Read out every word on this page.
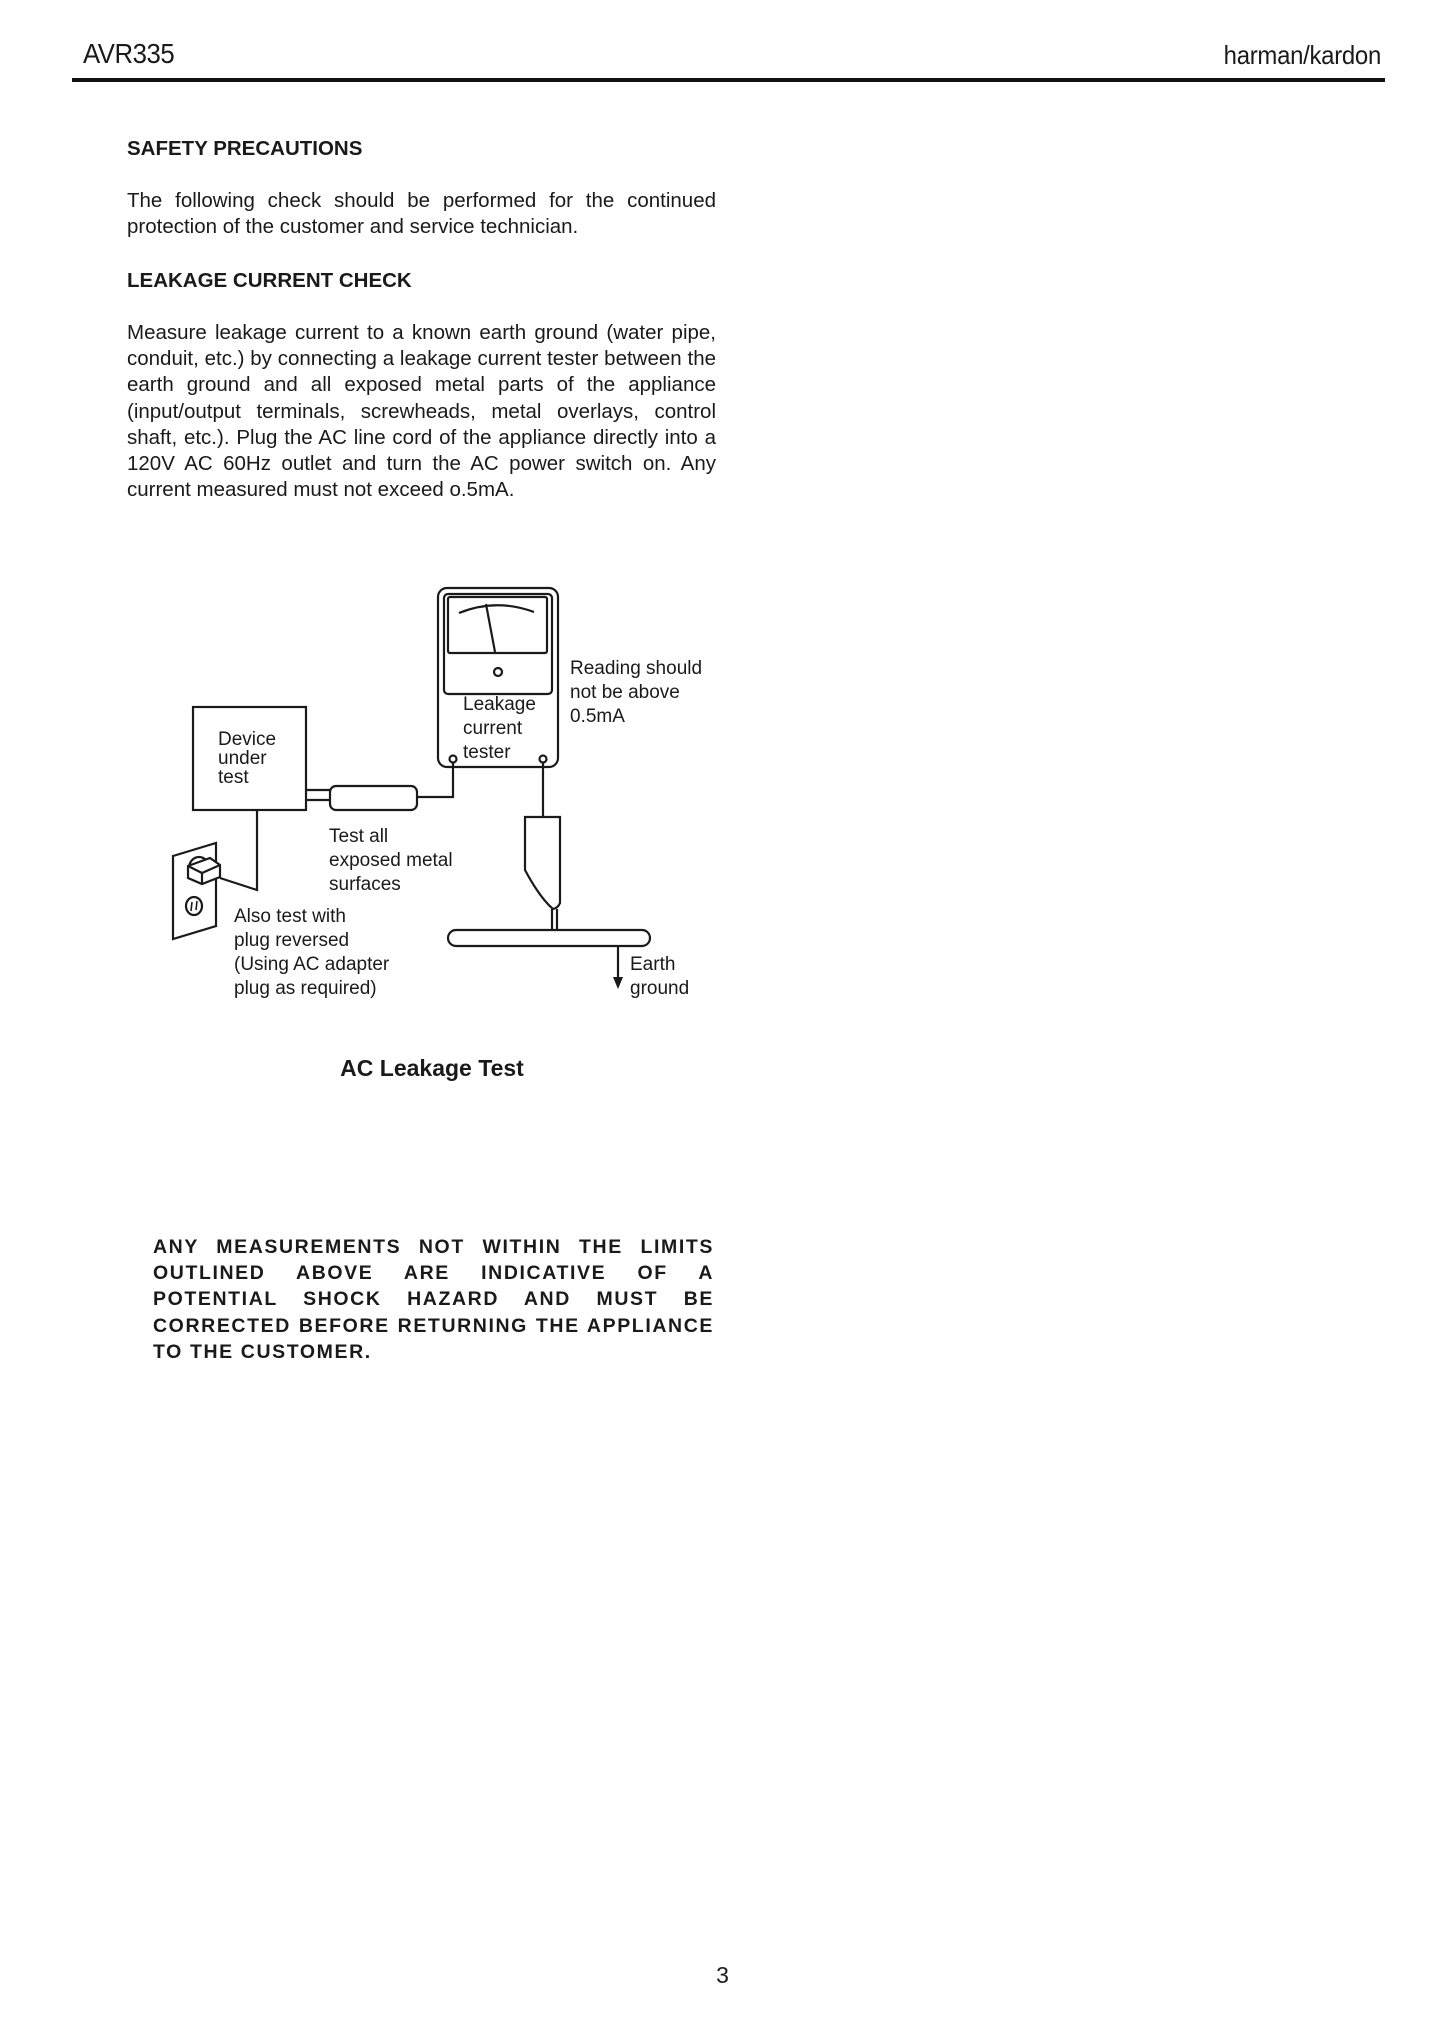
AVR335	harman/kardon
SAFETY PRECAUTIONS
The following check should be performed for the continued protection of the customer and service technician.
LEAKAGE CURRENT CHECK
Measure leakage current to a known earth ground (water pipe, conduit, etc.) by connecting a leakage current tester between the earth ground and all exposed metal parts of the appliance (input/output terminals, screwheads, metal overlays, control shaft, etc.). Plug the AC line cord of the appliance directly into a 120V AC 60Hz outlet and turn the AC power switch on. Any current measured must not exceed o.5mA.
Leakage current tester
Reading should not be above 0.5mA
Device under test
Test all exposed metal surfaces
Also test with plug reversed (Using AC adapter plug as required)
Earth ground
AC Leakage Test
ANY MEASUREMENTS NOT WITHIN THE LIMITS OUTLINED ABOVE ARE INDICATIVE OF A POTENTIAL SHOCK HAZARD AND MUST BE CORRECTED BEFORE RETURNING THE APPLIANCE TO THE CUSTOMER.
3
